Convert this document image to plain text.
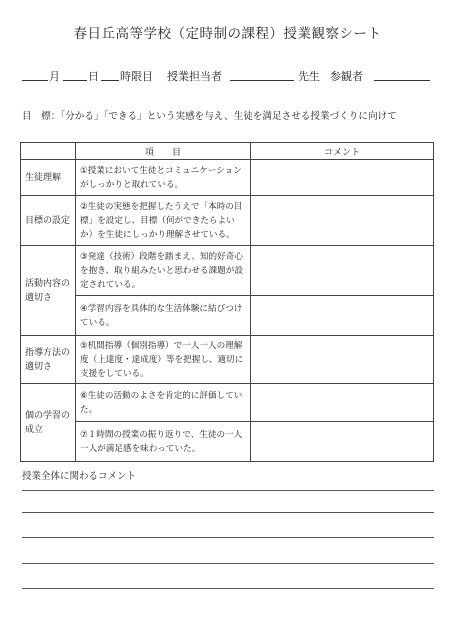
春日丘高等学校（定時制の課程）授業観察シート
月	日 時限目 授業担当者	先生 参観者
目　標：「分かる」「できる」という実感を与え、生徒を満足させる授業づくりに向けて
	項　　目	コメント
生徒理解	①授業において生徒とコミュニケーションがしっかりと取れている。	
目標の設定	②生徒の実態を把握したうえで「本時の目標」を設定し、目標（何ができたらよいか）を生徒にしっかり理解させている。	
活動内容の適切さ	③発達（技術）段階を踏まえ、知的好奇心を抱き、取り組みたいと思わせる課題が設定されている。	
	④学習内容を具体的な生活体験に結びつけている。	
指導方法の適切さ	⑤机間指導（個別指導）で一人一人の理解度（上達度・達成度）等を把握し、適切に支援をしている。	
個の学習の成立	⑥生徒の活動のよさを肯定的に評価していた。	
	⑦１時間の授業の振り返りで、生徒の一人一人が満足感を味わっていた。	
授業全体に関わるコメント
